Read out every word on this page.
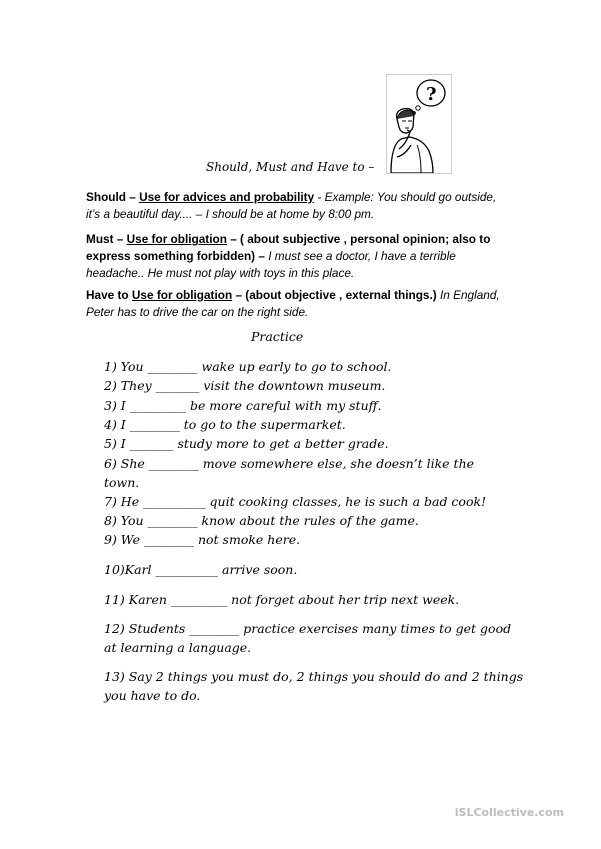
?
Should, Must and Have to –
Should – Use for advices and probability - Example: You should go outside, it’s a beautiful day.... – I should be at home by 8:00 pm.
Must – Use for obligation – ( about subjective , personal opinion; also to express something forbidden) – I must see a doctor, I have a terrible headache.. He must not play with toys in this place.
Have to Use for obligation – (about objective , external things.) In England, Peter has to drive the car on the right side.
Practice
1) You ________ wake up early to go to school.
2) They _______ visit the downtown museum.
3) I _________ be more careful with my stuff.
4) I ________ to go to the supermarket.
5) I _______ study more to get a better grade.
6) She ________ move somewhere else, she doesn’t like the town.
7) He __________ quit cooking classes, he is such a bad cook!
8) You ________ know about the rules of the game.
9) We ________ not smoke here.
10)Karl __________ arrive soon.
11) Karen _________ not forget about her trip next week.
12) Students ________ practice exercises many times to get good at learning a language.
13) Say 2 things you must do, 2 things you should do and 2 things you have to do.
iSLCollective.com
